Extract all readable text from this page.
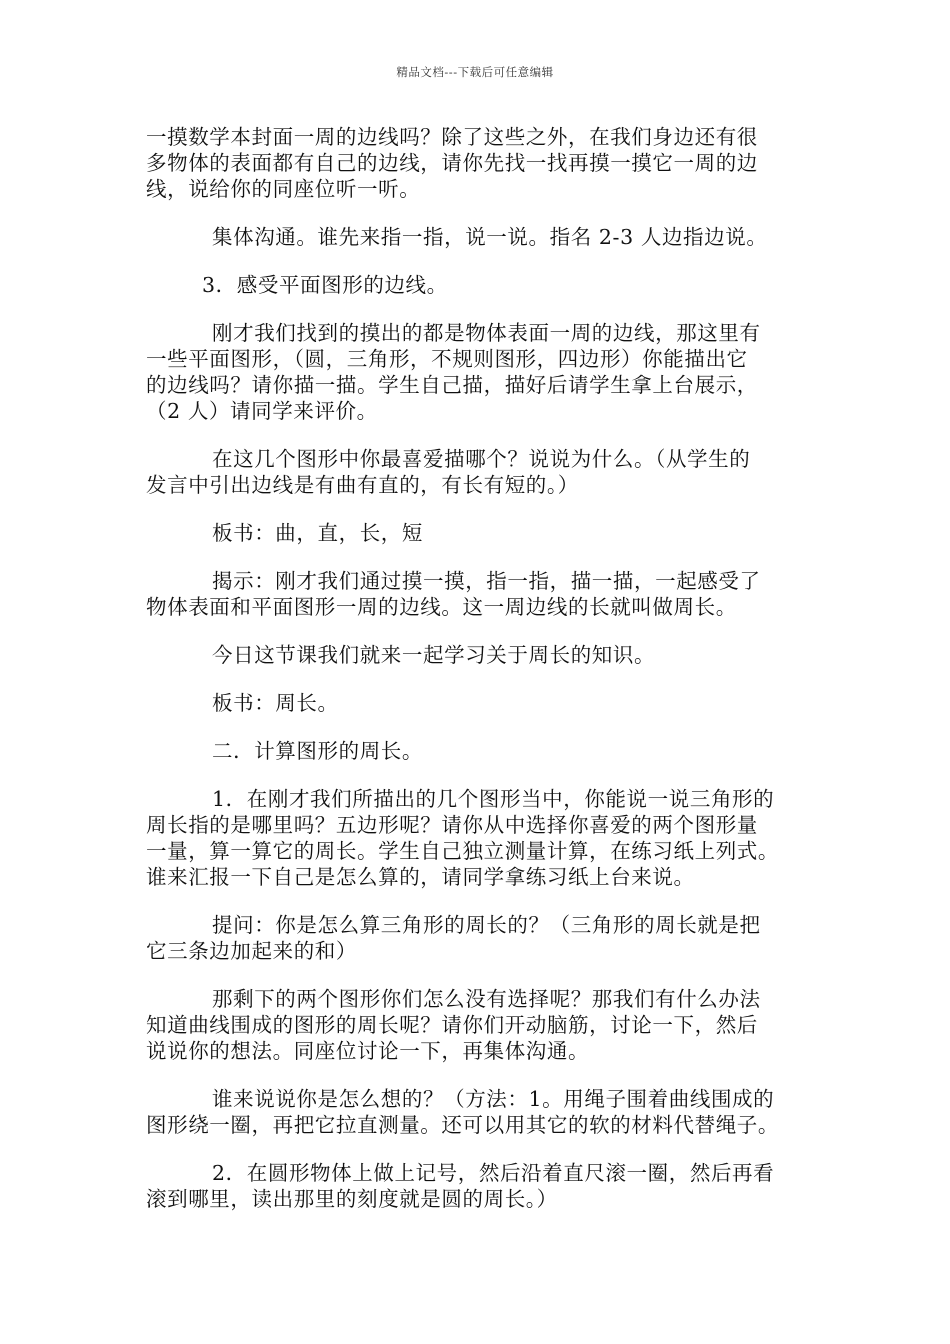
精品文档---下载后可任意编辑

一摸数学本封面一周的边线吗？除了这些之外，在我们身边还有很
多物体的表面都有自己的边线，请你先找一找再摸一摸它一周的边
线，说给你的同座位听一听。

集体沟通。谁先来指一指，说一说。指名 2-3 人边指边说。

3．感受平面图形的边线。

刚才我们找到的摸出的都是物体表面一周的边线，那这里有
一些平面图形，（圆，三角形，不规则图形，四边形）你能描出它
的边线吗？请你描一描。学生自己描，描好后请学生拿上台展示，
（2 人）请同学来评价。

在这几个图形中你最喜爱描哪个？说说为什么。（从学生的
发言中引出边线是有曲有直的，有长有短的。）

板书：曲，直，长，短

揭示：刚才我们通过摸一摸，指一指，描一描，一起感受了
物体表面和平面图形一周的边线。这一周边线的长就叫做周长。

今日这节课我们就来一起学习关于周长的知识。

板书：周长。

二．计算图形的周长。

1．在刚才我们所描出的几个图形当中，你能说一说三角形的
周长指的是哪里吗？五边形呢？请你从中选择你喜爱的两个图形量
一量，算一算它的周长。学生自己独立测量计算，在练习纸上列式。
谁来汇报一下自己是怎么算的，请同学拿练习纸上台来说。

提问：你是怎么算三角形的周长的？（三角形的周长就是把
它三条边加起来的和）

那剩下的两个图形你们怎么没有选择呢？那我们有什么办法
知道曲线围成的图形的周长呢？请你们开动脑筋，讨论一下，然后
说说你的想法。同座位讨论一下，再集体沟通。

谁来说说你是怎么想的？（方法：1。用绳子围着曲线围成的
图形绕一圈，再把它拉直测量。还可以用其它的软的材料代替绳子。

2．在圆形物体上做上记号，然后沿着直尺滚一圈，然后再看
滚到哪里，读出那里的刻度就是圆的周长。）
